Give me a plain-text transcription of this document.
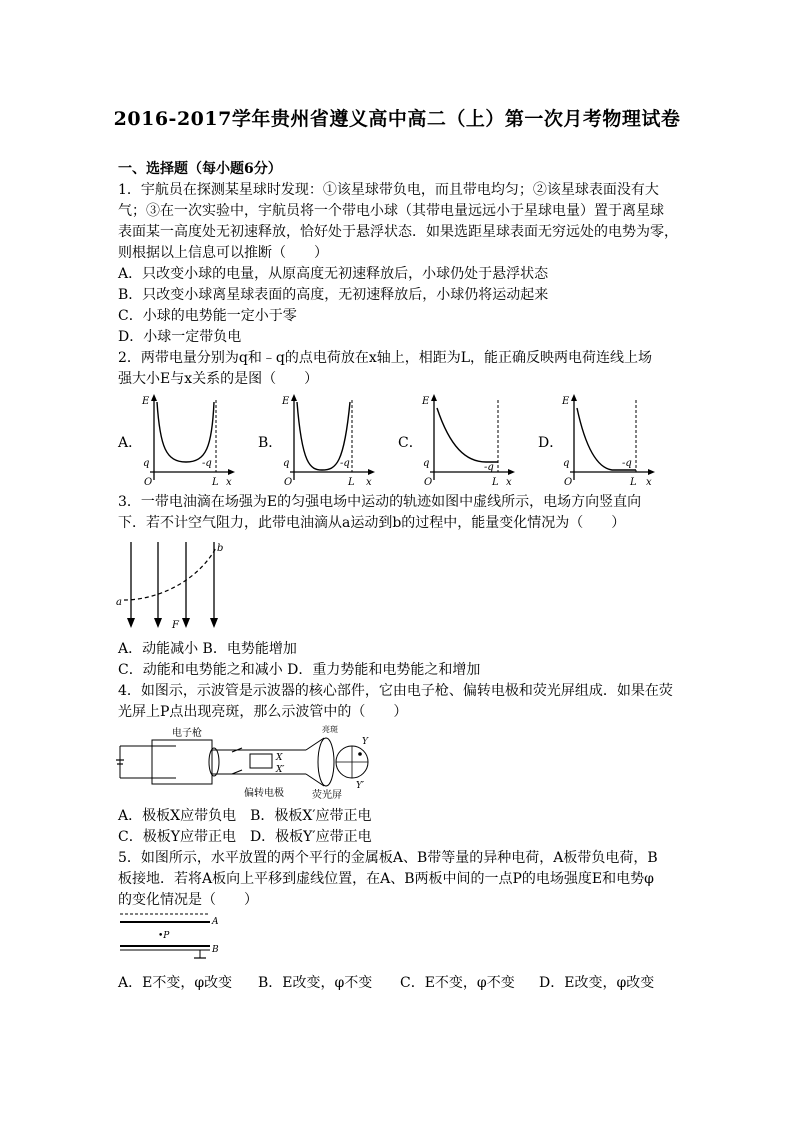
2016-2017学年贵州省遵义高中高二（上）第一次月考物理试卷
一、选择题（每小题6分）
1．宇航员在探测某星球时发现：①该星球带负电，而且带电均匀；②该星球表面没有大
气；③在一次实验中，宇航员将一个带电小球（其带电量远远小于星球电量）置于离星球
表面某一高度处无初速释放，恰好处于悬浮状态．如果选距星球表面无穷远处的电势为零，
则根据以上信息可以推断（　　）
A．只改变小球的电量，从原高度无初速释放后，小球仍处于悬浮状态
B．只改变小球离星球表面的高度，无初速释放后，小球仍将运动起来
C．小球的电势能一定小于零
D．小球一定带负电
2．两带电量分别为q和﹣q的点电荷放在x轴上，相距为L，能正确反映两电荷连线上场
强大小E与x关系的是图（　　）
A．	B．	C．	D．
E
q	-q
O	L x
E
q	-q
O	L x
E
q	-q
O	L x
E
q	-q
O	L x
3．一带电油滴在场强为E的匀强电场中运动的轨迹如图中虚线所示，电场方向竖直向
下．若不计空气阻力，此带电油滴从a运动到b的过程中，能量变化情况为（　　）
a
b
F
A．动能减小 B．电势能增加
C．动能和电势能之和减小 D．重力势能和电势能之和增加
4．如图示，示波管是示波器的核心部件，它由电子枪、偏转电极和荧光屏组成．如果在荧
光屏上P点出现亮斑，那么示波管中的（　　）
电子枪
偏转电极	荧光屏
亮斑
X
X′
Y
Y′
A．极板X应带负电　B．极板X′应带正电
C．极板Y应带正电　D．极板Y′应带正电
5．如图所示，水平放置的两个平行的金属板A、B带等量的异种电荷，A板带负电荷，B
板接地．若将A板向上平移到虚线位置，在A、B两板中间的一点P的电场强度E和电势φ
的变化情况是（　　）
A
B
•P
A．E不变，φ改变 B．E改变，φ不变 C．E不变，φ不变 D．E改变，φ改变
